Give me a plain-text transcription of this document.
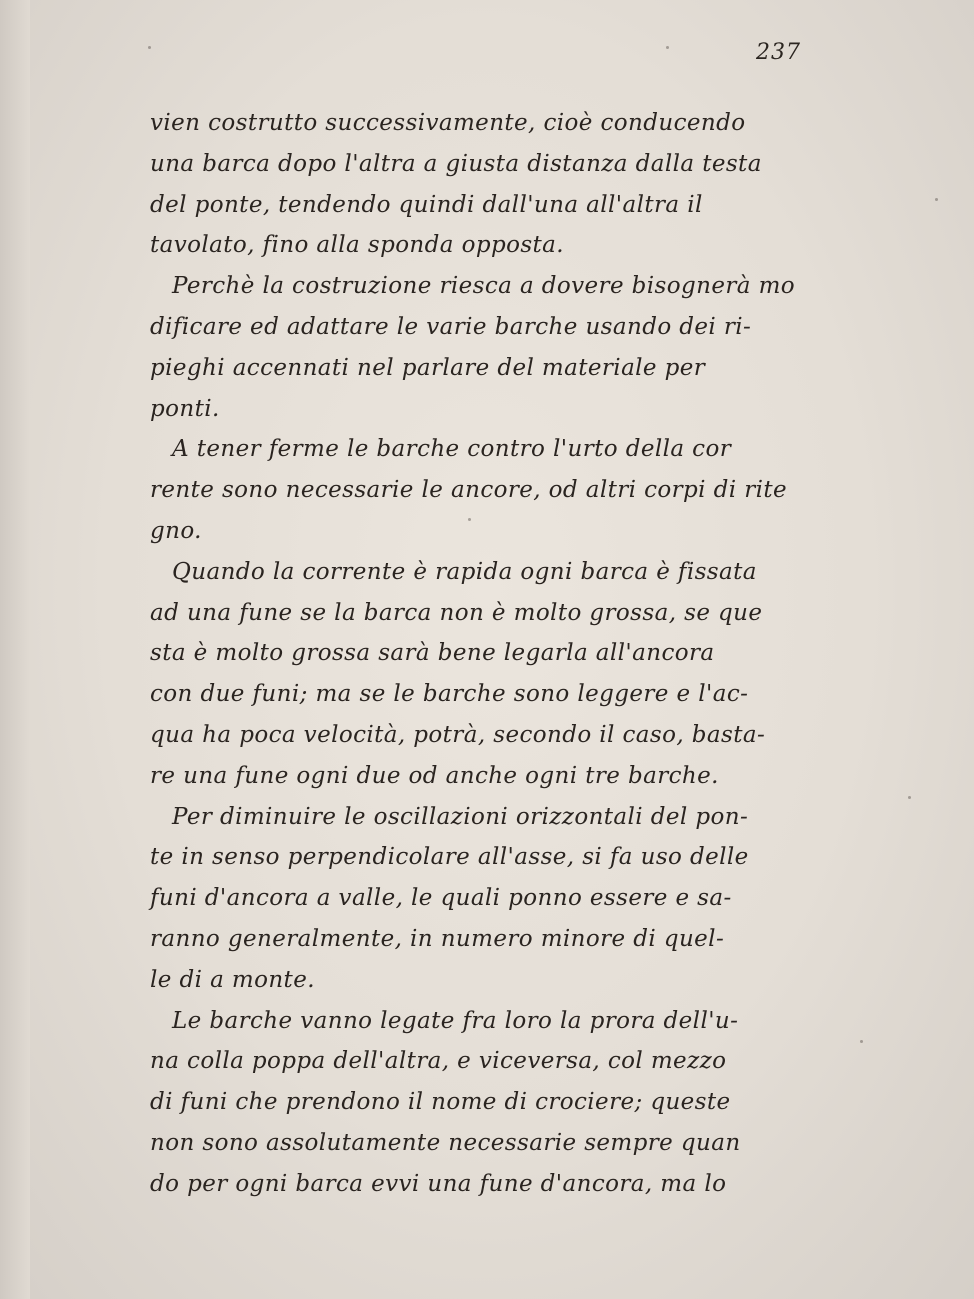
237
vien costrutto successivamente, cioè conducendo
una barca dopo l'altra a giusta distanza dalla testa
del ponte, tendendo quindi dall'una all'altra il
tavolato, fino alla sponda opposta.
Perchè la costruzione riesca a dovere bisognerà mo
dificare ed adattare le varie barche usando dei ri-
pieghi accennati nel parlare del materiale per
ponti.
A tener ferme le barche contro l'urto della cor
rente sono necessarie le ancore, od altri corpi di rite
gno.
Quando la corrente è rapida ogni barca è fissata
ad una fune se la barca non è molto grossa, se que
sta è molto grossa sarà bene legarla all'ancora
con due funi; ma se le barche sono leggere e l'ac-
qua ha poca velocità, potrà, secondo il caso, basta-
re una fune ogni due od anche ogni tre barche.
Per diminuire le oscillazioni orizzontali del pon-
te in senso perpendicolare all'asse, si fa uso delle
funi d'ancora a valle, le quali ponno essere e sa-
ranno generalmente, in numero minore di quel-
le di a monte.
Le barche vanno legate fra loro la prora dell'u-
na colla poppa dell'altra, e viceversa, col mezzo
di funi che prendono il nome di crociere; queste
non sono assolutamente necessarie sempre quan
do per ogni barca evvi una fune d'ancora, ma lo
